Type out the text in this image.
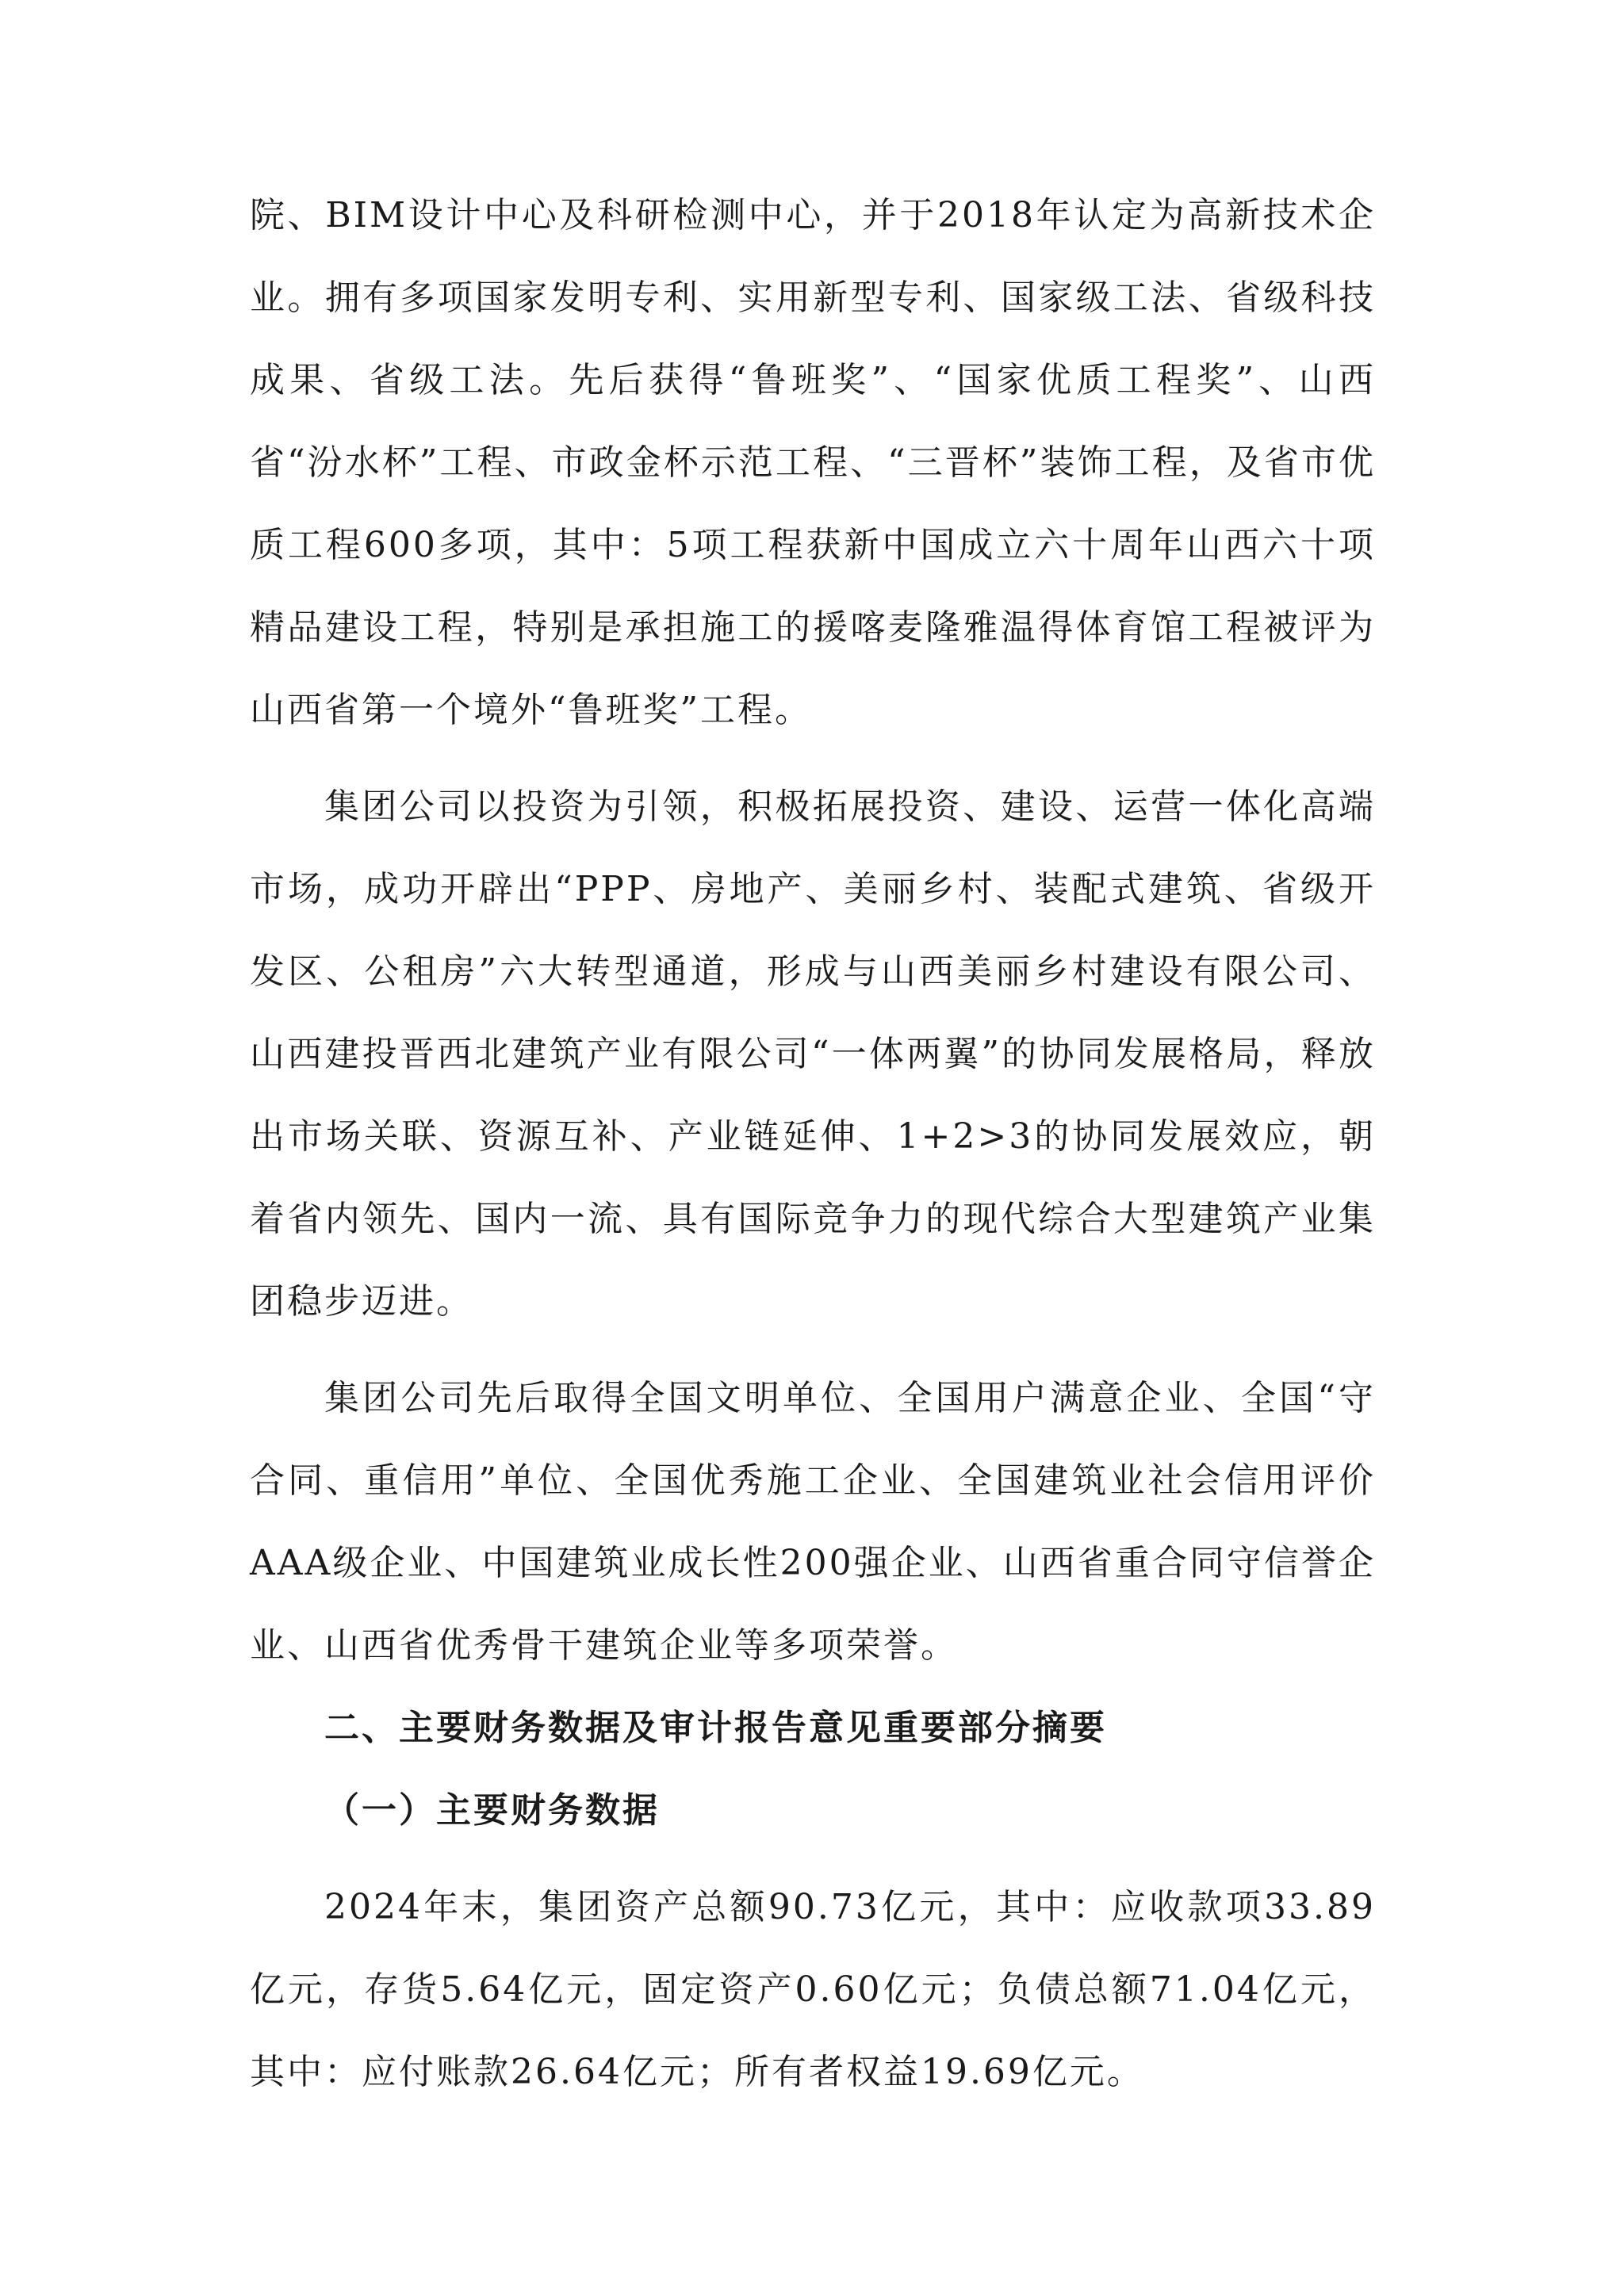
院、BIM设计中心及科研检测中心，并于2018年认定为高新技术企业。拥有多项国家发明专利、实用新型专利、国家级工法、省级科技成果、省级工法。先后获得“鲁班奖”、“国家优质工程奖”、山西省“汾水杯”工程、市政金杯示范工程、“三晋杯”装饰工程，及省市优质工程600多项，其中：5项工程获新中国成立六十周年山西六十项精品建设工程，特别是承担施工的援喀麦隆雅温得体育馆工程被评为山西省第一个境外“鲁班奖”工程。

集团公司以投资为引领，积极拓展投资、建设、运营一体化高端市场，成功开辟出“PPP、房地产、美丽乡村、装配式建筑、省级开发区、公租房”六大转型通道，形成与山西美丽乡村建设有限公司、山西建投晋西北建筑产业有限公司“一体两翼”的协同发展格局，释放出市场关联、资源互补、产业链延伸、1+2>3的协同发展效应，朝着省内领先、国内一流、具有国际竞争力的现代综合大型建筑产业集团稳步迈进。

集团公司先后取得全国文明单位、全国用户满意企业、全国“守合同、重信用”单位、全国优秀施工企业、全国建筑业社会信用评价AAA级企业、中国建筑业成长性200强企业、山西省重合同守信誉企业、山西省优秀骨干建筑企业等多项荣誉。

二、主要财务数据及审计报告意见重要部分摘要

（一）主要财务数据

2024年末，集团资产总额90.73亿元，其中：应收款项33.89亿元，存货5.64亿元，固定资产0.60亿元；负债总额71.04亿元，其中：应付账款26.64亿元；所有者权益19.69亿元。
